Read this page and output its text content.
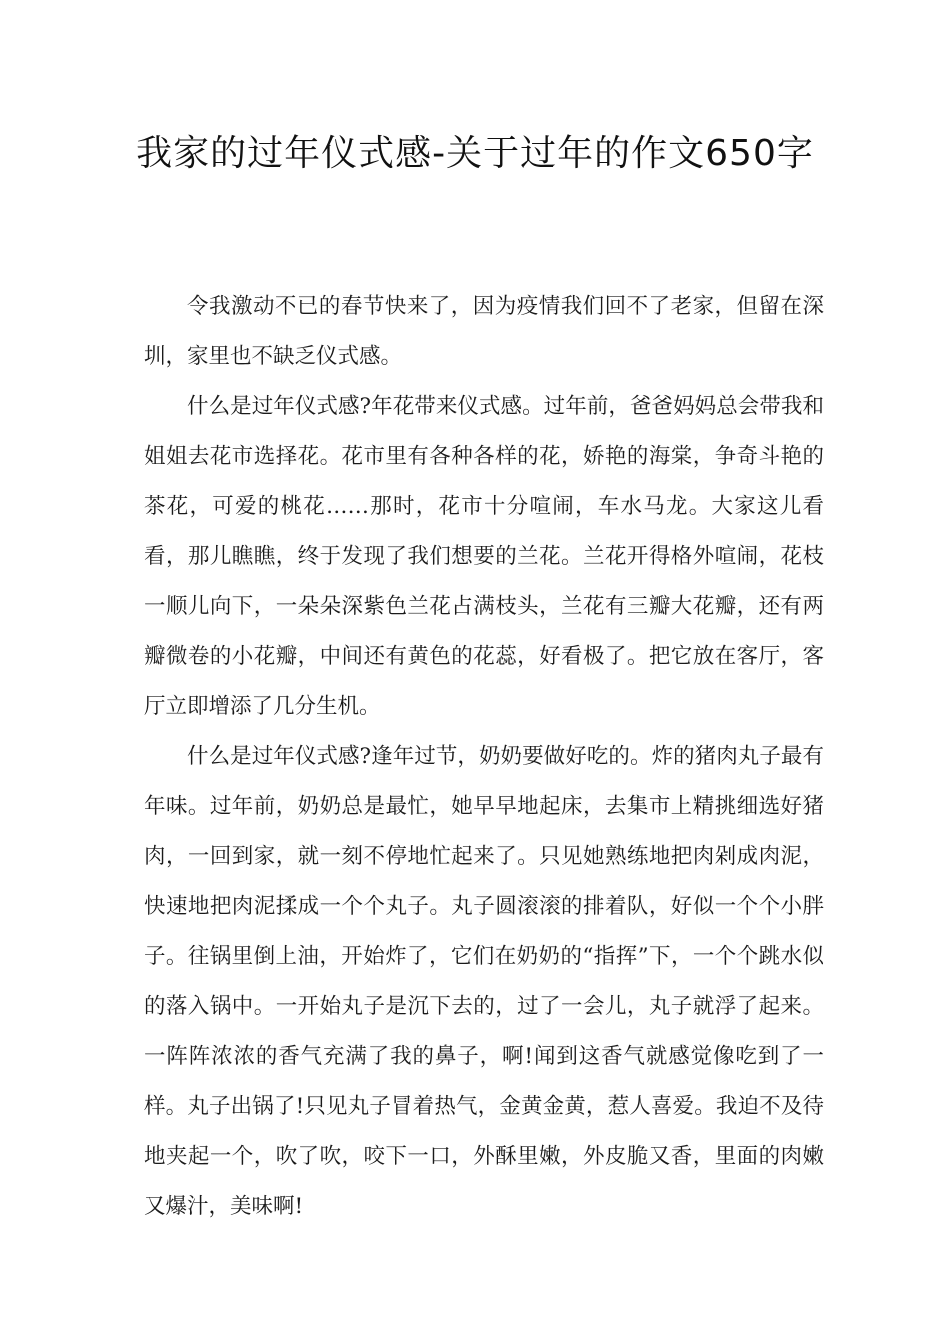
我家的过年仪式感-关于过年的作文650字

令我激动不已的春节快来了，因为疫情我们回不了老家，但留在深圳，家里也不缺乏仪式感。

什么是过年仪式感?年花带来仪式感。过年前，爸爸妈妈总会带我和姐姐去花市选择花。花市里有各种各样的花，娇艳的海棠，争奇斗艳的茶花，可爱的桃花……那时，花市十分喧闹，车水马龙。大家这儿看看，那儿瞧瞧，终于发现了我们想要的兰花。兰花开得格外喧闹，花枝一顺儿向下，一朵朵深紫色兰花占满枝头，兰花有三瓣大花瓣，还有两瓣微卷的小花瓣，中间还有黄色的花蕊，好看极了。把它放在客厅，客厅立即增添了几分生机。

什么是过年仪式感?逢年过节，奶奶要做好吃的。炸的猪肉丸子最有年味。过年前，奶奶总是最忙，她早早地起床，去集市上精挑细选好猪肉，一回到家，就一刻不停地忙起来了。只见她熟练地把肉剁成肉泥，快速地把肉泥揉成一个个丸子。丸子圆滚滚的排着队，好似一个个小胖子。往锅里倒上油，开始炸了，它们在奶奶的“指挥”下，一个个跳水似的落入锅中。一开始丸子是沉下去的，过了一会儿，丸子就浮了起来。一阵阵浓浓的香气充满了我的鼻子，啊!闻到这香气就感觉像吃到了一样。丸子出锅了!只见丸子冒着热气，金黄金黄，惹人喜爱。我迫不及待地夹起一个，吹了吹，咬下一口，外酥里嫩，外皮脆又香，里面的肉嫩又爆汁，美味啊!
